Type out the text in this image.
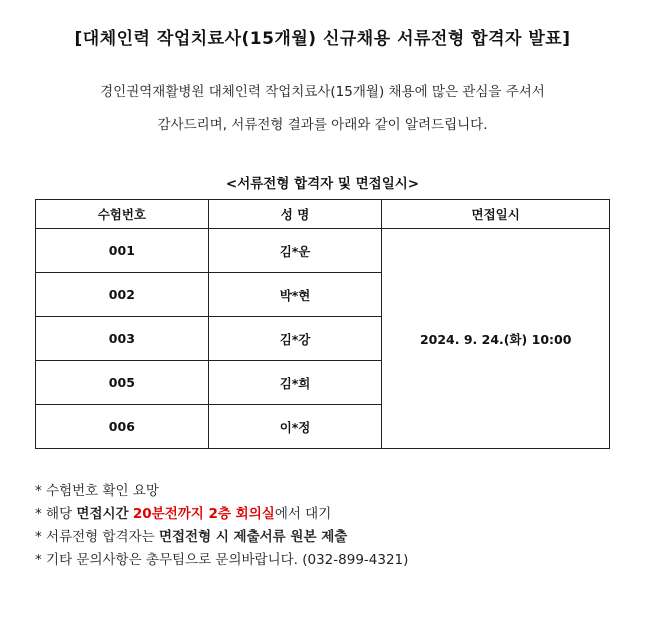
[대체인력 작업치료사(15개월) 신규채용 서류전형 합격자 발표]
경인권역재활병원 대체인력 작업치료사(15개월) 채용에 많은 관심을 주셔서
감사드리며, 서류전형 결과를 아래와 같이 알려드립니다.
<서류전형 합격자 및 면접일시>
수험번호	성 명	면접일시
001	김*운	2024. 9. 24.(화) 10:00
002	박*현	
003	김*강	
005	김*희	
006	이*정	
* 수험번호 확인 요망
* 해당 면접시간 20분전까지 2층 회의실에서 대기
* 서류전형 합격자는 면접전형 시 제출서류 원본 제출
* 기타 문의사항은 총무팀으로 문의바랍니다. (032-899-4321)
